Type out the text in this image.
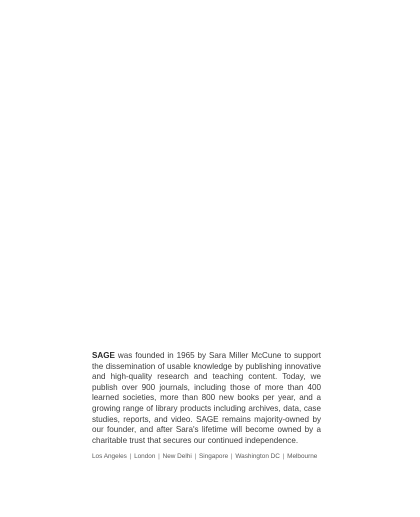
SAGE was founded in 1965 by Sara Miller McCune to support the dissemination of usable knowledge by publishing innovative and high-quality research and teaching content. Today, we publish over 900 journals, including those of more than 400 learned societies, more than 800 new books per year, and a growing range of library products including archives, data, case studies, reports, and video. SAGE remains majority-owned by our founder, and after Sara's lifetime will become owned by a charitable trust that secures our continued independence.

Los Angeles | London | New Delhi | Singapore | Washington DC | Melbourne
